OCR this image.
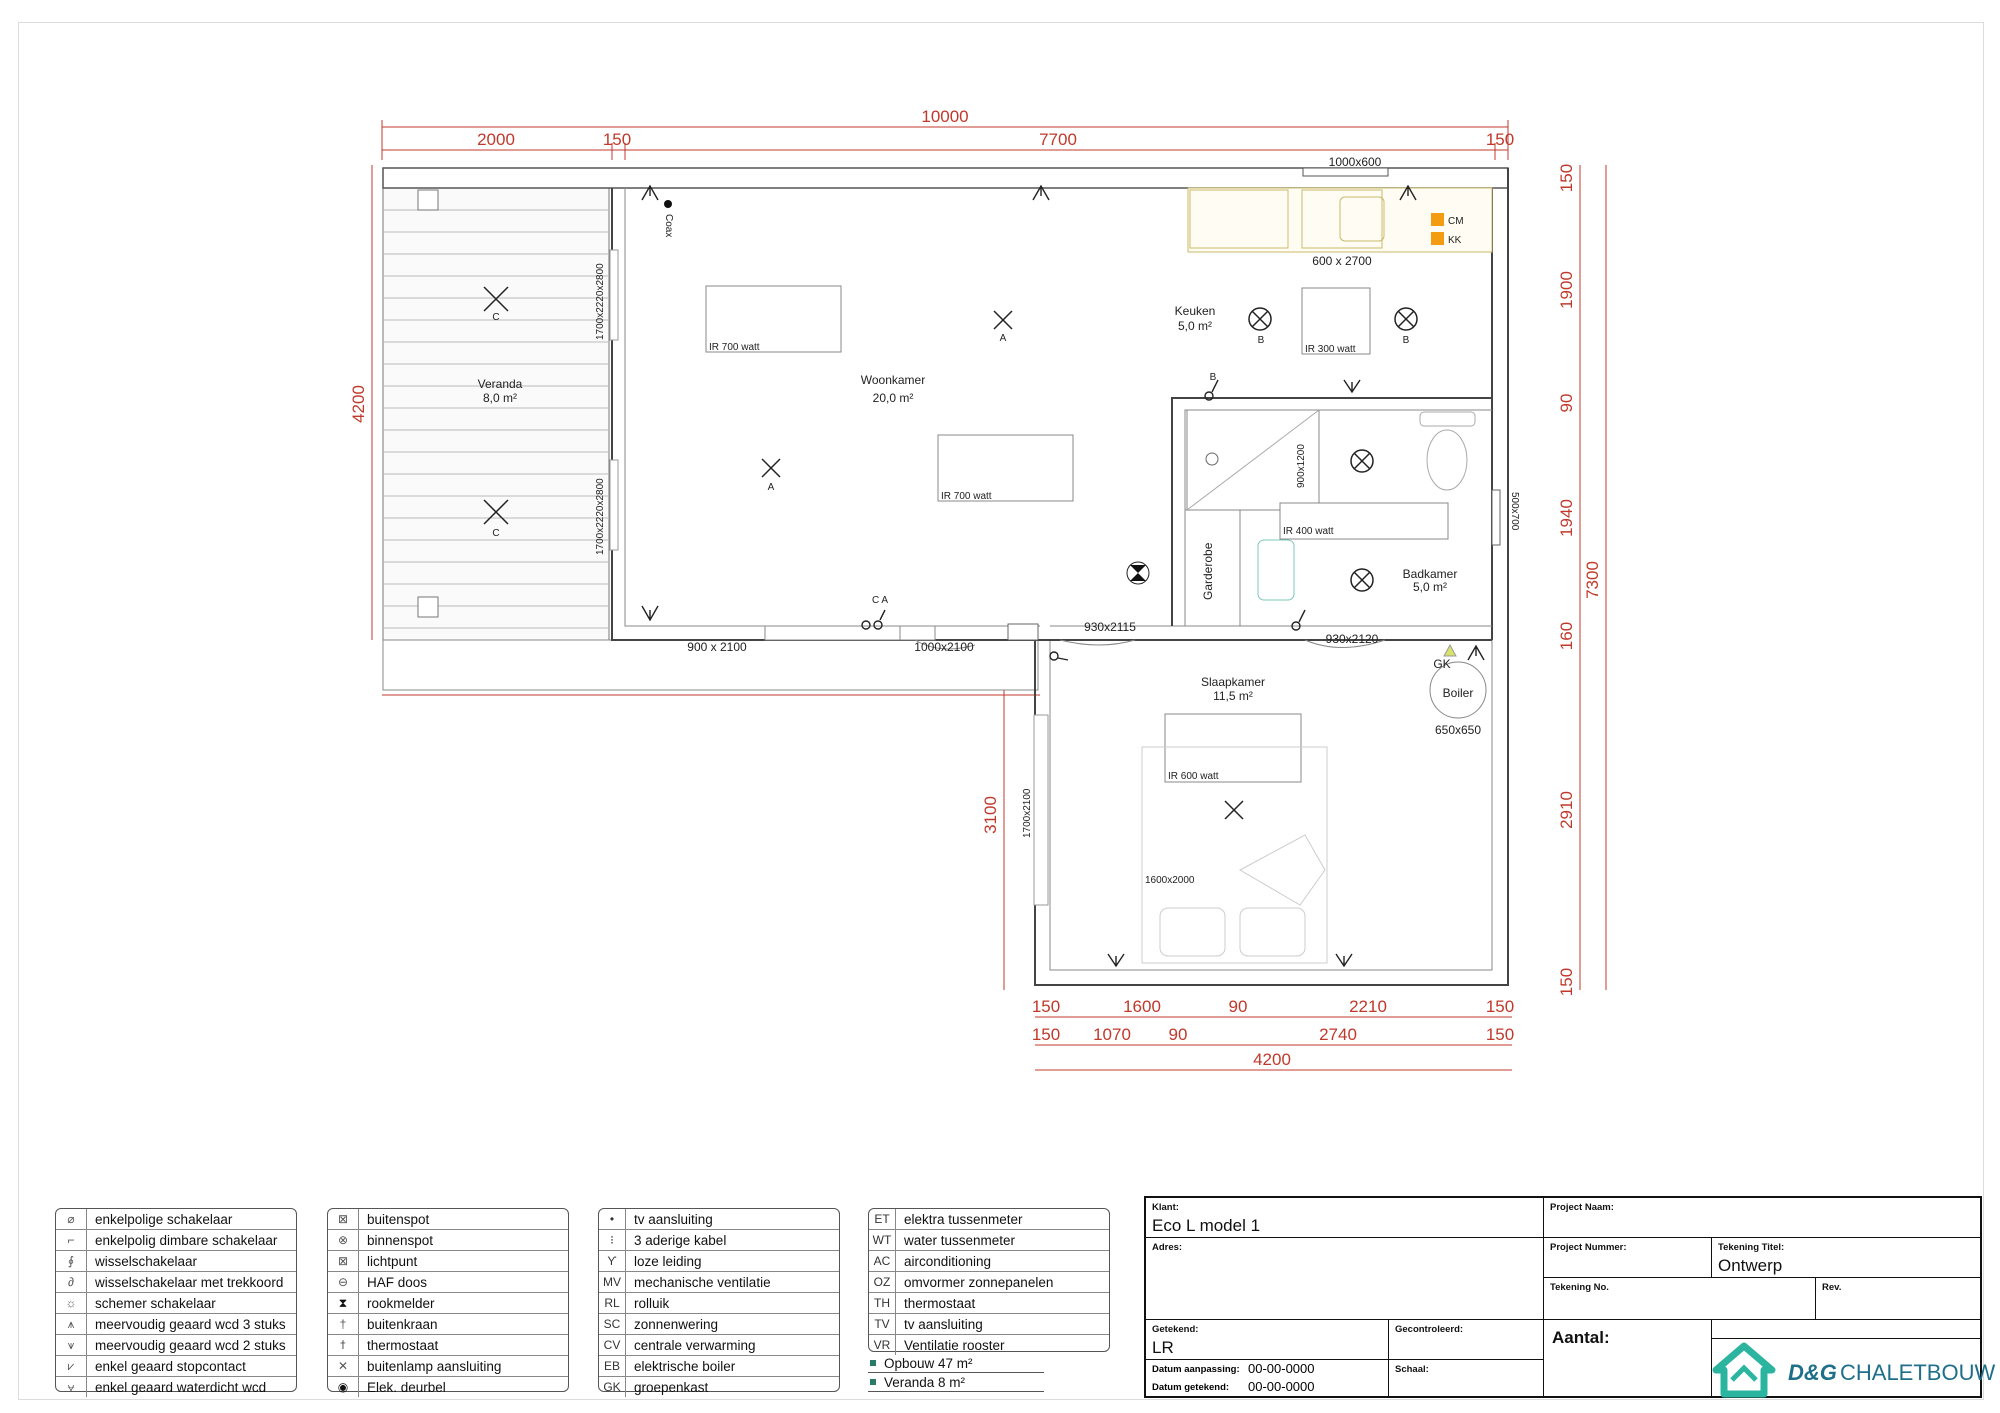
10000
2000	150	7700	150
150
1900
90
1940
160
2910
150
7300
4200
3100
150	1600	90	2210	150
150 1070 90	2740	150
4200
IR 700 watt
IR 700 watt
IR 300 watt
IR 400 watt
IR 600 watt
1600x2000
Veranda
8,0 m²
Woonkamer
20,0 m²
Keuken
5,0 m²
Badkamer
5,0 m²
Slaapkamer
11,5 m²
1000x600
600 x 2700
CM
KK
Coax
1700x2220x2800
1700x2220x2800
900 x 2100	1000x2100
930x2115
930x2120
900x1200
500x700
Garderobe
GK
Boiler
650x650
1700x2100
C
C
A
A
B	B
B
C A
⌀	enkelpolige schakelaar
⌐	enkelpolig dimbare schakelaar
∮	wisselschakelaar
∂	wisselschakelaar met trekkoord
☼	schemer schakelaar
⩚	meervoudig geaard wcd 3 stuks
⩛	meervoudig geaard wcd 2 stuks
⩗	enkel geaard stopcontact
⩝	enkel geaard waterdicht wcd
⊠	buitenspot
⊗	binnenspot
⊠	lichtpunt
⊖	HAF doos
⧗	rookmelder
†	buitenkraan
ϯ	thermostaat
✕	buitenlamp aansluiting
◉	Elek. deurbel
•	tv aansluiting
⁝	3 aderige kabel
ϒ	loze leiding
MV mechanische ventilatie
RL	rolluik
SC	zonnenwering
CV	centrale verwarming
EB	elektrische boiler
GK groepenkast
ET	elektra tussenmeter
WT water tussenmeter
AC	airconditioning
OZ	omvormer zonnepanelen
TH	thermostaat
TV	tv aansluiting
VR	Ventilatie rooster
Opbouw 47 m²
Veranda 8 m²
Klant:
Eco L model 1
Adres:
Getekend:
LR
Gecontroleerd:
Datum aanpassing: 00-00-0000
Datum getekend: 00-00-0000
Schaal:
Project Naam:
Project Nummer:	Tekening Titel:
Ontwerp
Tekening No.	Rev.
Aantal:
D&G CHALETBOUW
